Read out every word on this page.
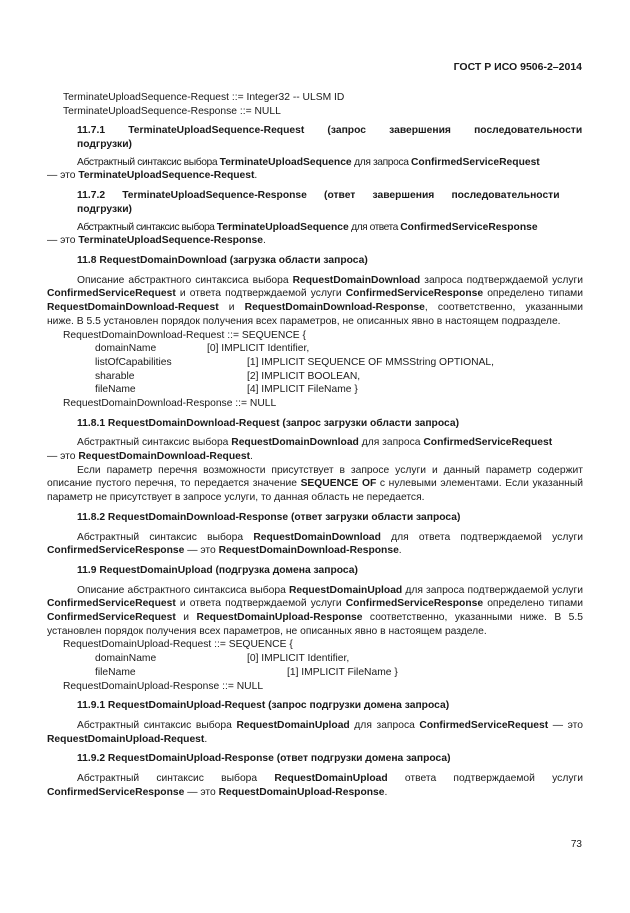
ГОСТ Р ИСО 9506-2–2014
TerminateUploadSequence-Request ::= Integer32 -- ULSM ID
TerminateUploadSequence-Response ::= NULL
11.7.1      TerminateUploadSequence-Request      (запрос      завершения      последовательности
подгрузки)

Абстрактный синтаксис выбора TerminateUploadSequence для запроса ConfirmedServiceRequest
— это TerminateUploadSequence-Request.

11.7.2      TerminateUploadSequence-Response      (ответ      завершения      последовательности
подгрузки)

Абстрактный синтаксис выбора TerminateUploadSequence для ответа ConfirmedServiceResponse
— это TerminateUploadSequence-Response.

11.8 RequestDomainDownload (загрузка области запроса)

Описание абстрактного синтаксиса выбора RequestDomainDownload запроса подтверждаемой услуги ConfirmedServiceRequest и ответа подтверждаемой услуги ConfirmedServiceResponse определено типами RequestDomainDownload-Request и RequestDomainDownload-Response, соответственно, указанными ниже. В 5.5 установлен порядок получения всех параметров, не описанных явно в настоящем подразделе.

RequestDomainDownload-Request ::= SEQUENCE {
domainName	[0] IMPLICIT Identifier,
listOfCapabilities	[1] IMPLICIT SEQUENCE OF MMSString OPTIONAL,
sharable	[2] IMPLICIT BOOLEAN,
fileName	[4] IMPLICIT FileName }
RequestDomainDownload-Response ::= NULL
11.8.1 RequestDomainDownload-Request (запрос загрузки области запроса)

Абстрактный синтаксис выбора RequestDomainDownload для запроса ConfirmedServiceRequest
— это RequestDomainDownload-Request.

Если параметр перечня возможности присутствует в запросе услуги и данный параметр содержит описание пустого перечня, то передается значение SEQUENCE OF с нулевыми элементами. Если указанный параметр не присутствует в запросе услуги, то данная область не передается.

11.8.2 RequestDomainDownload-Response (ответ загрузки области запроса)

Абстрактный синтаксис выбора RequestDomainDownload для ответа подтверждаемой услуги ConfirmedServiceResponse — это RequestDomainDownload-Response.

11.9 RequestDomainUpload (подгрузка домена запроса)

Описание абстрактного синтаксиса выбора RequestDomainUpload для запроса подтверждаемой услуги ConfirmedServiceRequest и ответа подтверждаемой услуги ConfirmedServiceResponse определено типами ConfirmedServiceRequest и RequestDomainUpload-Response соответственно, указанными ниже. В 5.5 установлен порядок получения всех параметров, не описанных явно в настоящем разделе.

RequestDomainUpload-Request ::= SEQUENCE {
domainName	[0] IMPLICIT Identifier,
fileName	[1] IMPLICIT FileName }
RequestDomainUpload-Response ::= NULL
11.9.1 RequestDomainUpload-Request (запрос подгрузки домена запроса)

Абстрактный синтаксис выбора RequestDomainUpload для запроса ConfirmedServiceRequest — это RequestDomainUpload-Request.

11.9.2 RequestDomainUpload-Response (ответ подгрузки домена запроса)

Абстрактный синтаксис выбора RequestDomainUpload ответа подтверждаемой услуги ConfirmedServiceResponse — это RequestDomainUpload-Response.

73
